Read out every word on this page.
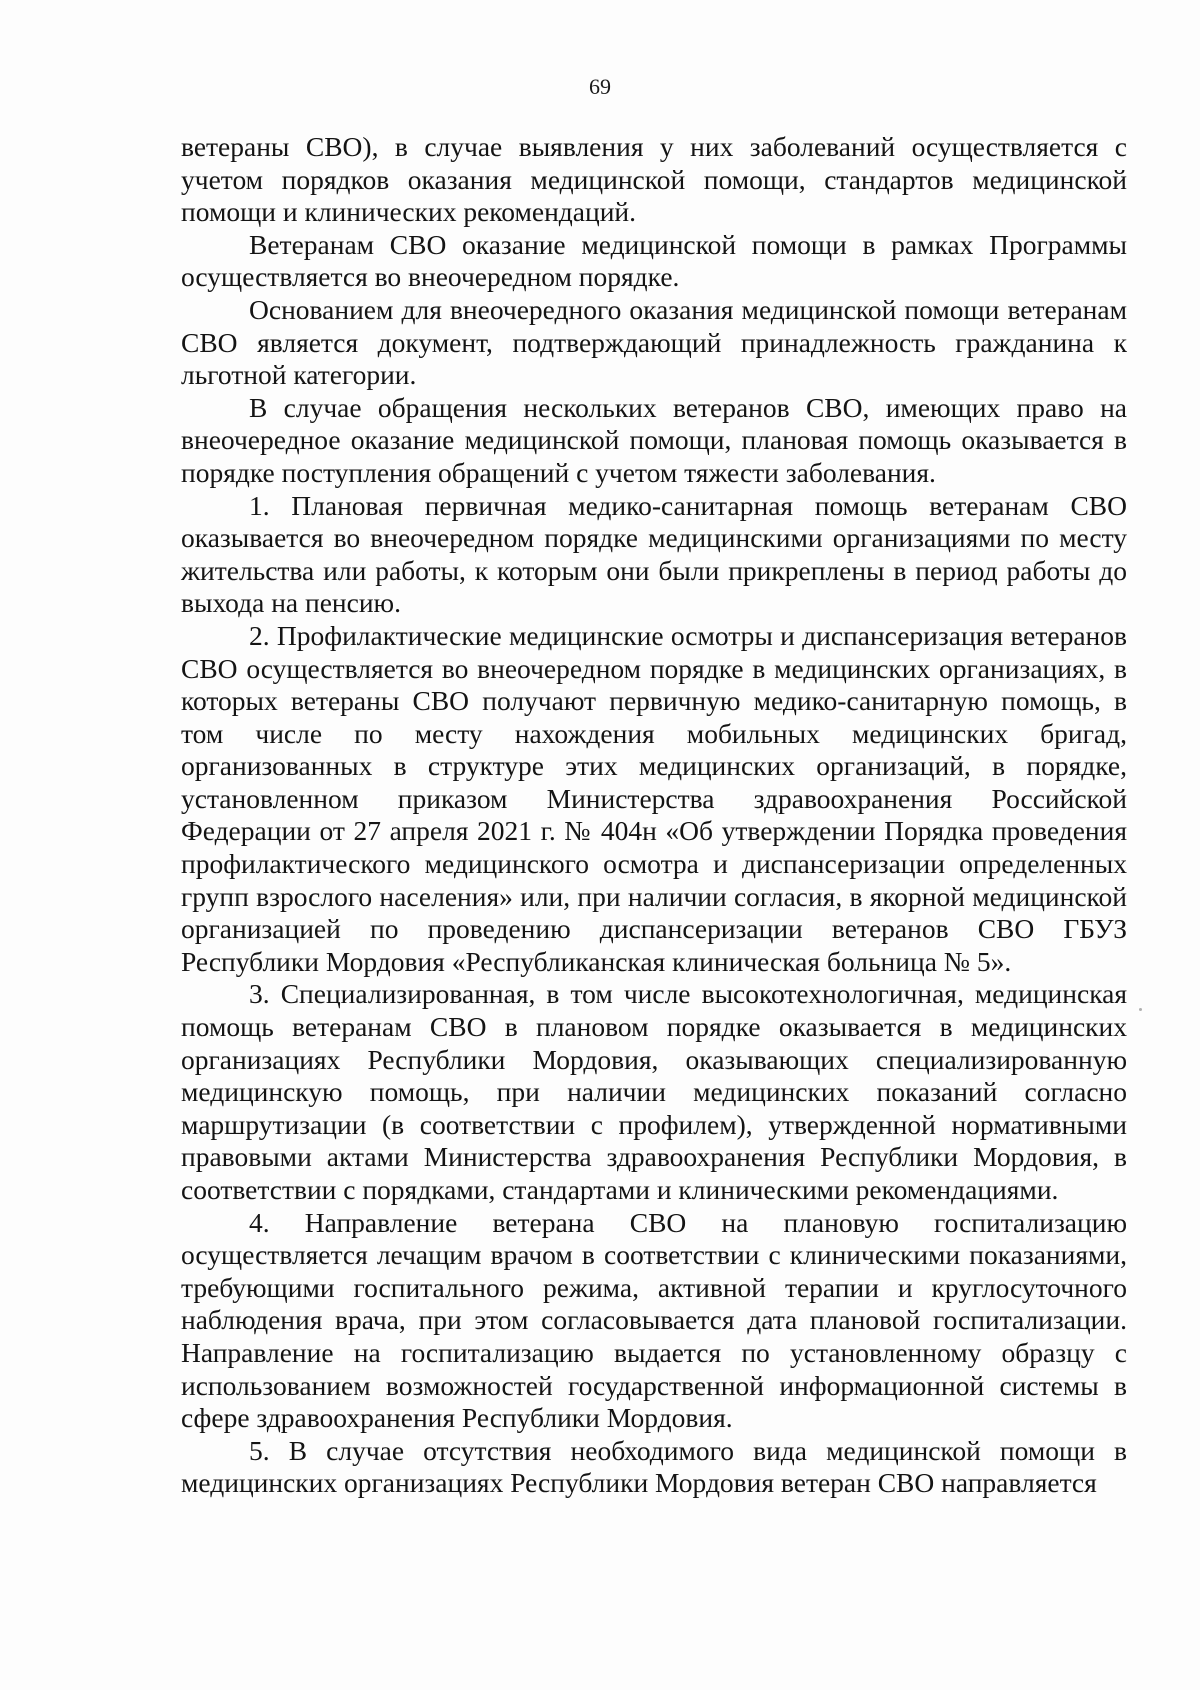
69

ветераны СВО), в случае выявления у них заболеваний осуществляется с учетом порядков оказания медицинской помощи, стандартов медицинской помощи и клинических рекомендаций.

Ветеранам СВО оказание медицинской помощи в рамках Программы осуществляется во внеочередном порядке.

Основанием для внеочередного оказания медицинской помощи ветеранам СВО является документ, подтверждающий принадлежность гражданина к льготной категории.

В случае обращения нескольких ветеранов СВО, имеющих право на внеочередное оказание медицинской помощи, плановая помощь оказывается в порядке поступления обращений с учетом тяжести заболевания.

1. Плановая первичная медико-санитарная помощь ветеранам СВО оказывается во внеочередном порядке медицинскими организациями по месту жительства или работы, к которым они были прикреплены в период работы до выхода на пенсию.

2. Профилактические медицинские осмотры и диспансеризация ветеранов СВО осуществляется во внеочередном порядке в медицинских организациях, в которых ветераны СВО получают первичную медико-санитарную помощь, в том числе по месту нахождения мобильных медицинских бригад, организованных в структуре этих медицинских организаций, в порядке, установленном приказом Министерства здравоохранения Российской Федерации от 27 апреля 2021 г. № 404н «Об утверждении Порядка проведения профилактического медицинского осмотра и диспансеризации определенных групп взрослого населения» или, при наличии согласия, в якорной медицинской организацией по проведению диспансеризации ветеранов СВО ГБУЗ Республики Мордовия «Республиканская клиническая больница № 5».

3. Специализированная, в том числе высокотехнологичная, медицинская помощь ветеранам СВО в плановом порядке оказывается в медицинских организациях Республики Мордовия, оказывающих специализированную медицинскую помощь, при наличии медицинских показаний согласно маршрутизации (в соответствии с профилем), утвержденной нормативными правовыми актами Министерства здравоохранения Республики Мордовия, в соответствии с порядками, стандартами и клиническими рекомендациями.

4. Направление ветерана СВО на плановую госпитализацию осуществляется лечащим врачом в соответствии с клиническими показаниями, требующими госпитального режима, активной терапии и круглосуточного наблюдения врача, при этом согласовывается дата плановой госпитализации. Направление на госпитализацию выдается по установленному образцу с использованием возможностей государственной информационной системы в сфере здравоохранения Республики Мордовия.

5. В случае отсутствия необходимого вида медицинской помощи в медицинских организациях Республики Мордовия ветеран СВО направляется
